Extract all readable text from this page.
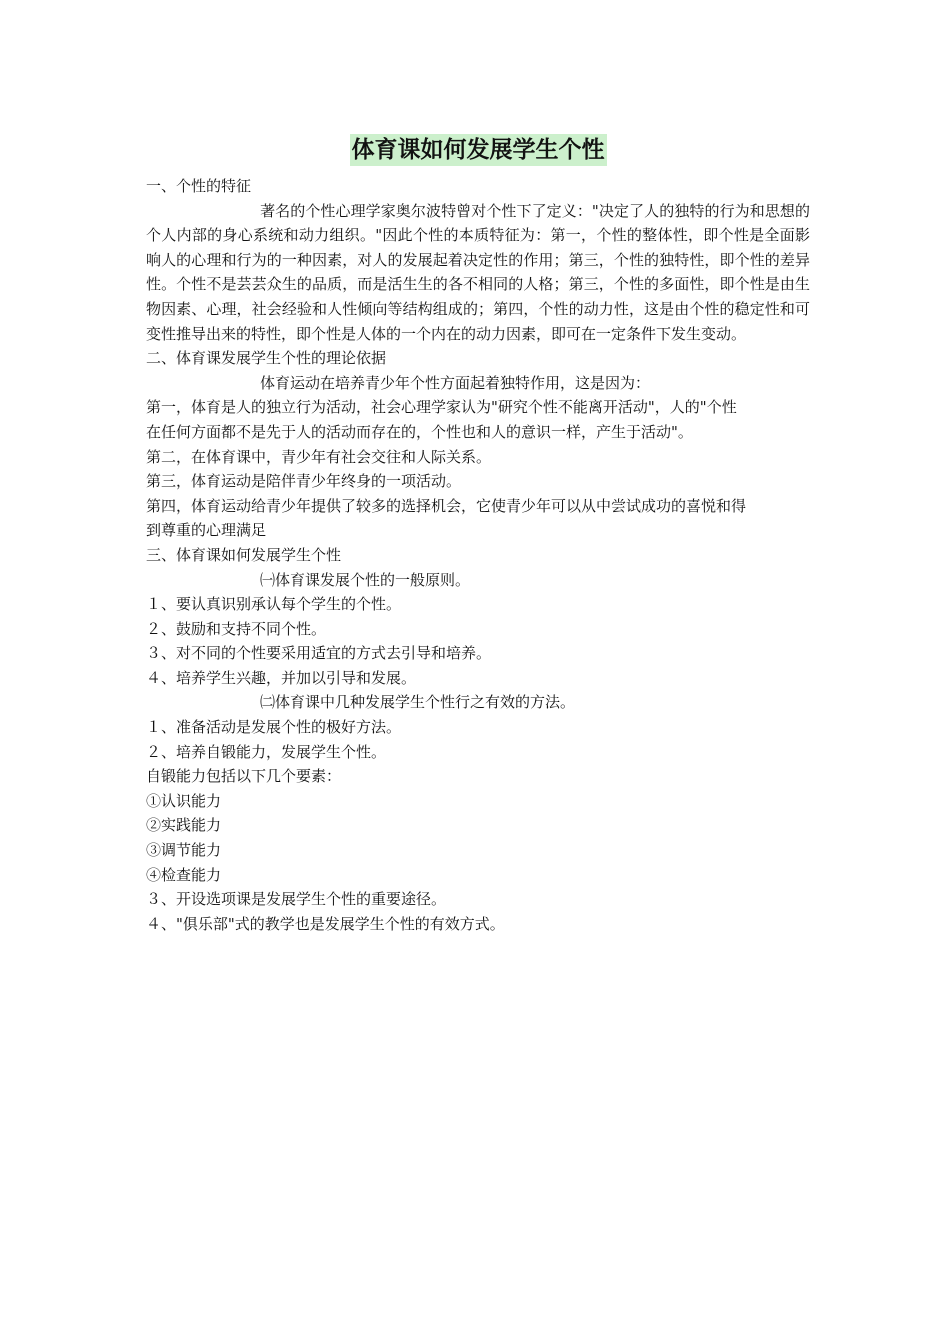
体育课如何发展学生个性
一、个性的特征
著名的个性心理学家奥尔波特曾对个性下了定义："决定了人的独特的行为和思想的个人内部的身心系统和动力组织。"因此个性的本质特征为：第一，个性的整体性，即个性是全面影响人的心理和行为的一种因素，对人的发展起着决定性的作用；第三，个性的独特性，即个性的差异性。个性不是芸芸众生的品质，而是活生生的各不相同的人格；第三，个性的多面性，即个性是由生物因素、心理，社会经验和人性倾向等结构组成的；第四，个性的动力性，这是由个性的稳定性和可变性推导出来的特性，即个性是人体的一个内在的动力因素，即可在一定条件下发生变动。
二、体育课发展学生个性的理论依据
体育运动在培养青少年个性方面起着独特作用，这是因为：
第一，体育是人的独立行为活动，社会心理学家认为"研究个性不能离开活动"，人的"个性
在任何方面都不是先于人的活动而存在的，个性也和人的意识一样，产生于活动"。
第二，在体育课中，青少年有社会交往和人际关系。
第三，体育运动是陪伴青少年终身的一项活动。
第四，体育运动给青少年提供了较多的选择机会，它使青少年可以从中尝试成功的喜悦和得
到尊重的心理满足
三、体育课如何发展学生个性
㈠体育课发展个性的一般原则。
１、要认真识别承认每个学生的个性。
２、鼓励和支持不同个性。
３、对不同的个性要采用适宜的方式去引导和培养。
４、培养学生兴趣，并加以引导和发展。
㈡体育课中几种发展学生个性行之有效的方法。
１、准备活动是发展个性的极好方法。
２、培养自锻能力，发展学生个性。
自锻能力包括以下几个要素：
①认识能力
②实践能力
③调节能力
④检查能力
３、开设选项课是发展学生个性的重要途径。
４、"俱乐部"式的教学也是发展学生个性的有效方式。
